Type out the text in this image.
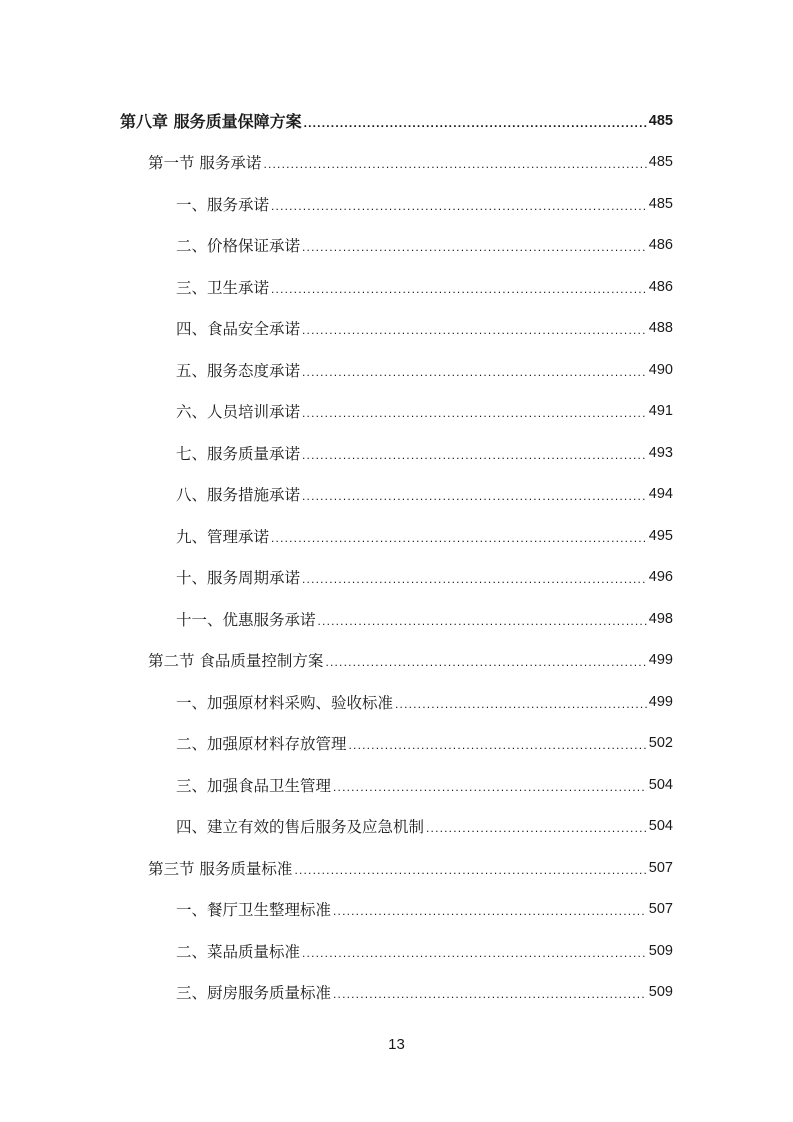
第八章 服务质量保障方案 .....	485
第一节 服务承诺 .....	485
一、服务承诺 .....	485
二、价格保证承诺 .....	486
三、卫生承诺 .....	486
四、食品安全承诺 .....	488
五、服务态度承诺 .....	490
六、人员培训承诺 .....	491
七、服务质量承诺 .....	493
八、服务措施承诺 .....	494
九、管理承诺 .....	495
十、服务周期承诺 .....	496
十一、优惠服务承诺 .....	498
第二节 食品质量控制方案 .....	499
一、加强原材料采购、验收标准 .....	499
二、加强原材料存放管理 .....	502
三、加强食品卫生管理 .....	504
四、建立有效的售后服务及应急机制 .....	504
第三节 服务质量标准 .....	507
一、餐厅卫生整理标准 .....	507
二、菜品质量标准 .....	509
三、厨房服务质量标准 .....	509
13
